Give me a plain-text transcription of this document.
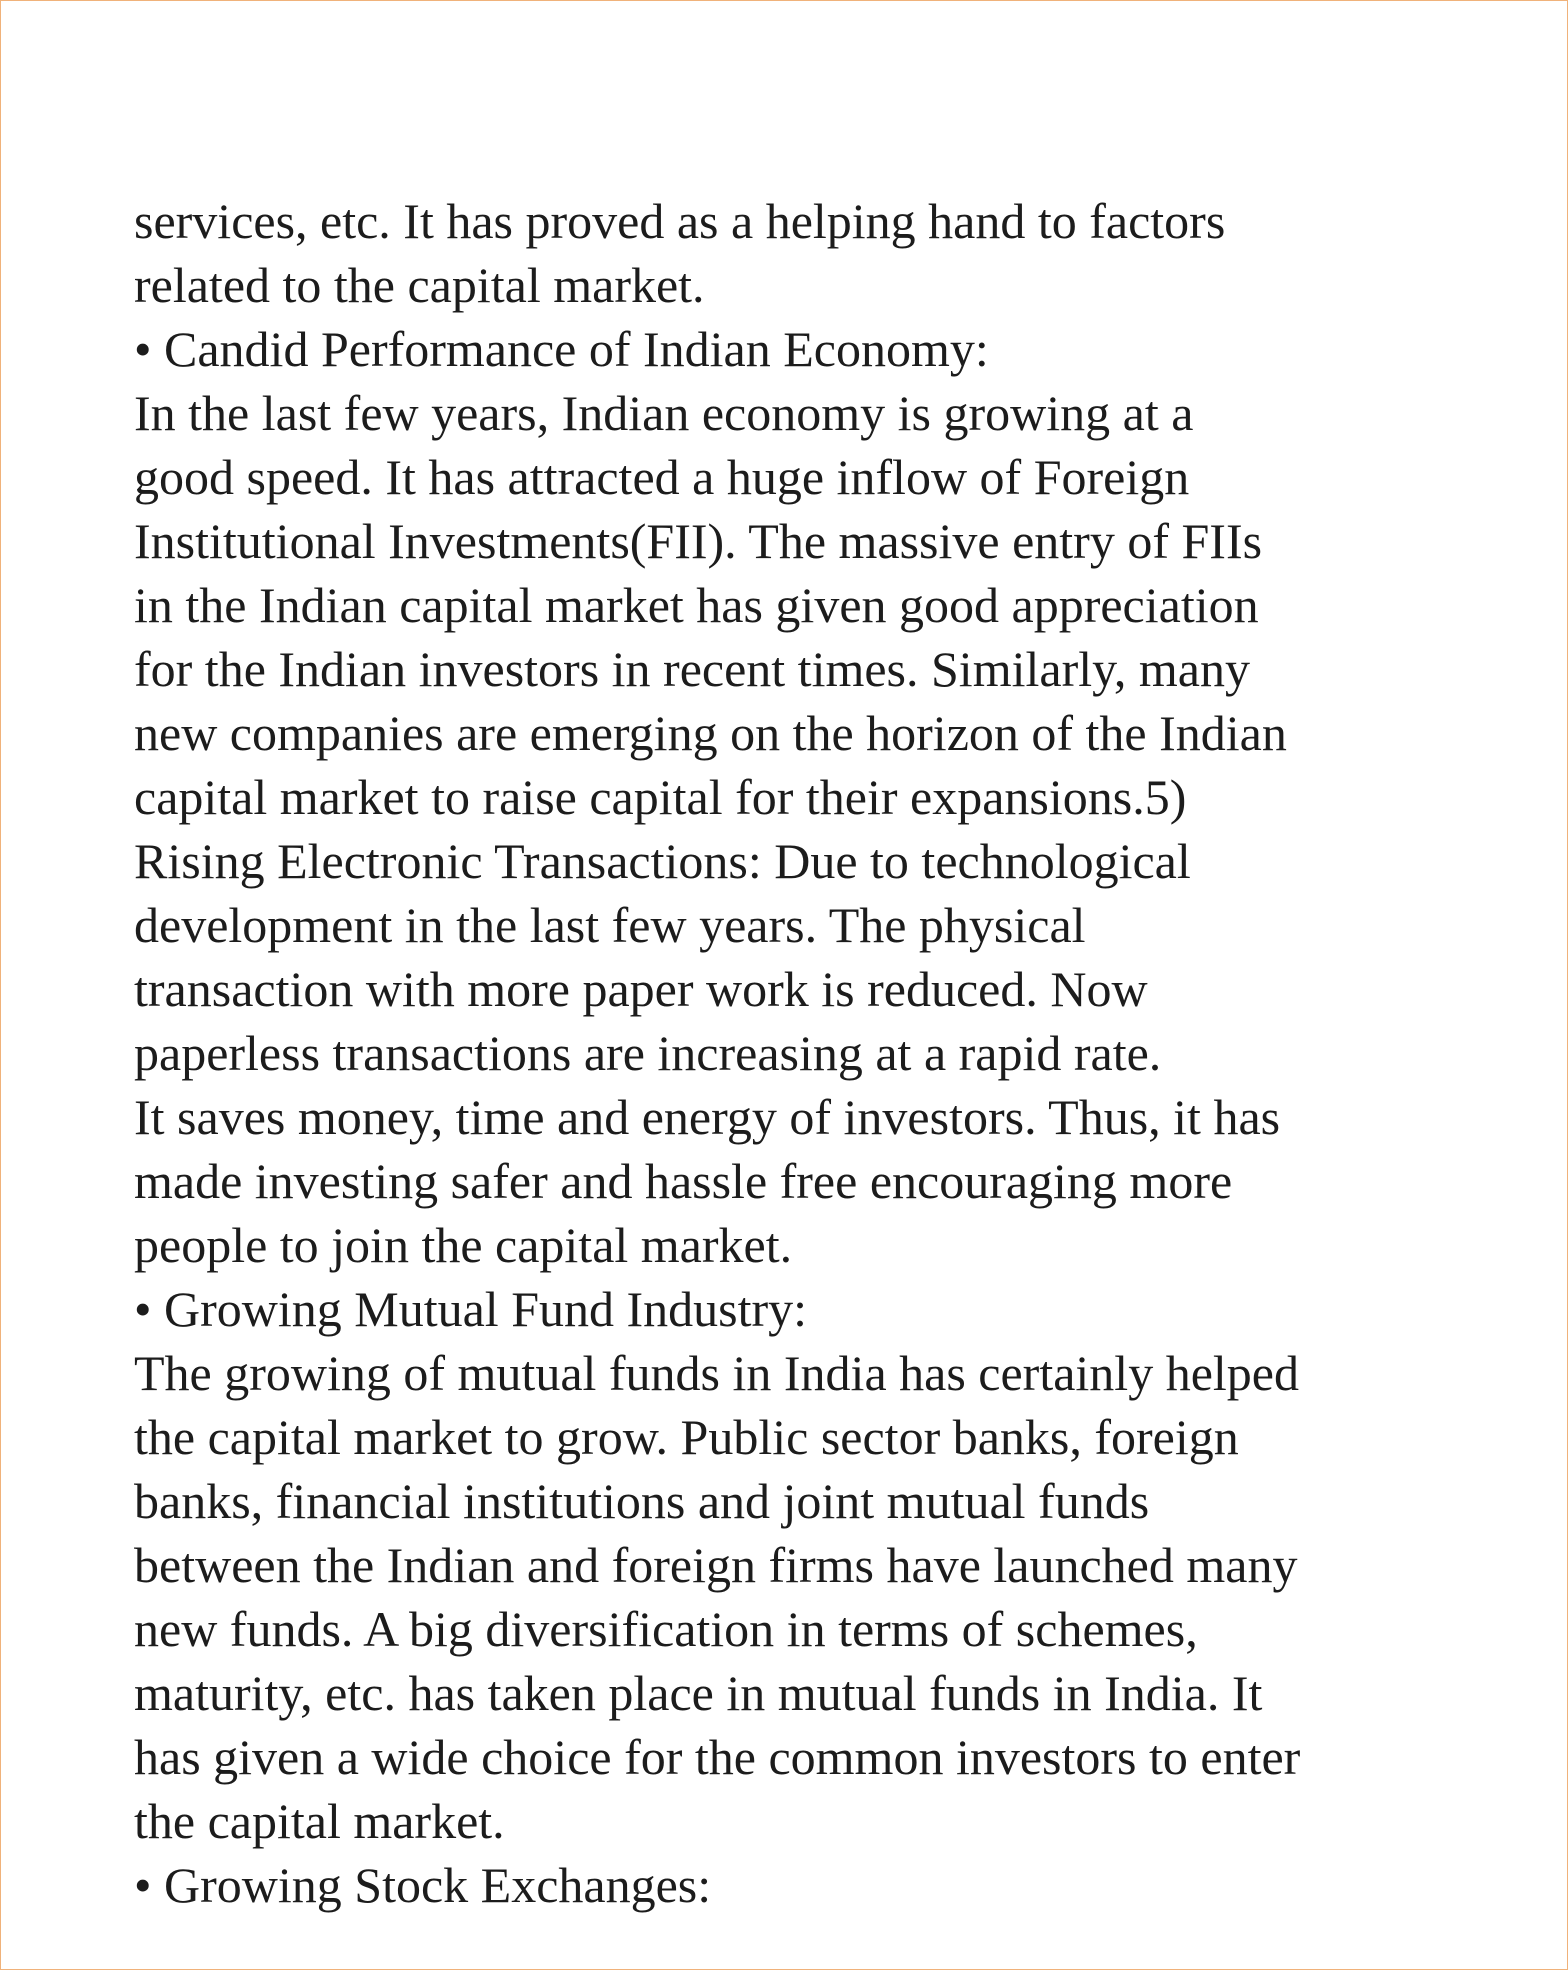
services, etc. It has proved as a helping hand to factors
related to the capital market.
• Candid Performance of Indian Economy:
In the last few years, Indian economy is growing at a
good speed. It has attracted a huge inflow of Foreign
Institutional Investments(FII). The massive entry of FIIs
in the Indian capital market has given good appreciation
for the Indian investors in recent times. Similarly, many
new companies are emerging on the horizon of the Indian
capital market to raise capital for their expansions.5)
Rising Electronic Transactions: Due to technological
development in the last few years. The physical
transaction with more paper work is reduced. Now
paperless transactions are increasing at a rapid rate.
It saves money, time and energy of investors. Thus, it has
made investing safer and hassle free encouraging more
people to join the capital market.
• Growing Mutual Fund Industry:
The growing of mutual funds in India has certainly helped
the capital market to grow. Public sector banks, foreign
banks, financial institutions and joint mutual funds
between the Indian and foreign firms have launched many
new funds. A big diversification in terms of schemes,
maturity, etc. has taken place in mutual funds in India. It
has given a wide choice for the common investors to enter
the capital market.
• Growing Stock Exchanges:
